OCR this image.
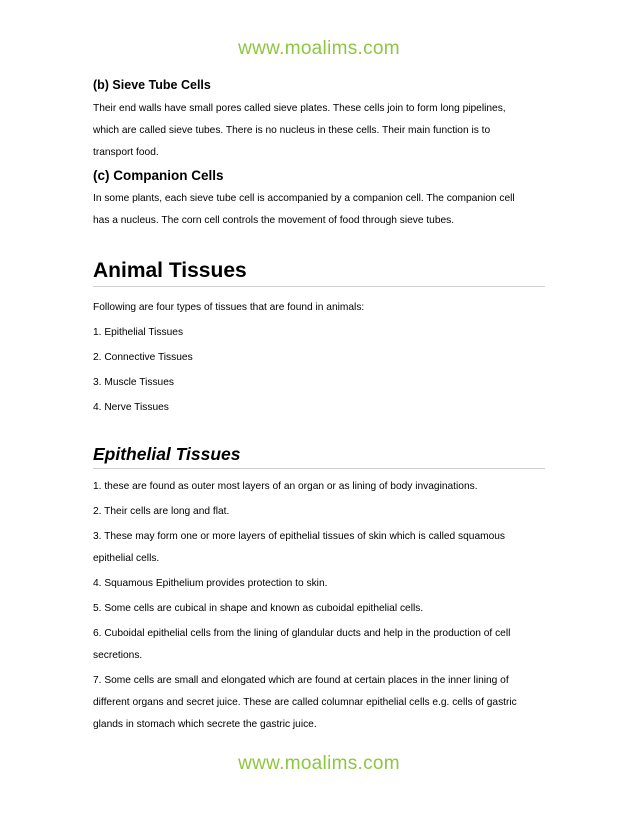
www.moalims.com

(b) Sieve Tube Cells

Their end walls have small pores called sieve plates. These cells join to form long pipelines,

which are called sieve tubes. There is no nucleus in these cells. Their main function is to

transport food.

(c) Companion Cells

In some plants, each sieve tube cell is accompanied by a companion cell. The companion cell

has a nucleus. The corn cell controls the movement of food through sieve tubes.

Animal Tissues

Following are four types of tissues that are found in animals:

1. Epithelial Tissues

2. Connective Tissues

3. Muscle Tissues

4. Nerve Tissues

Epithelial Tissues

1. these are found as outer most layers of an organ or as lining of body invaginations.

2. Their cells are long and flat.

3. These may form one or more layers of epithelial tissues of skin which is called squamous

epithelial cells.

4. Squamous Epithelium provides protection to skin.

5. Some cells are cubical in shape and known as cuboidal epithelial cells.

6. Cuboidal epithelial cells from the lining of glandular ducts and help in the production of cell

secretions.

7. Some cells are small and elongated which are found at certain places in the inner lining of

different organs and secret juice. These are called columnar epithelial cells e.g. cells of gastric

glands in stomach which secrete the gastric juice.

www.moalims.com
